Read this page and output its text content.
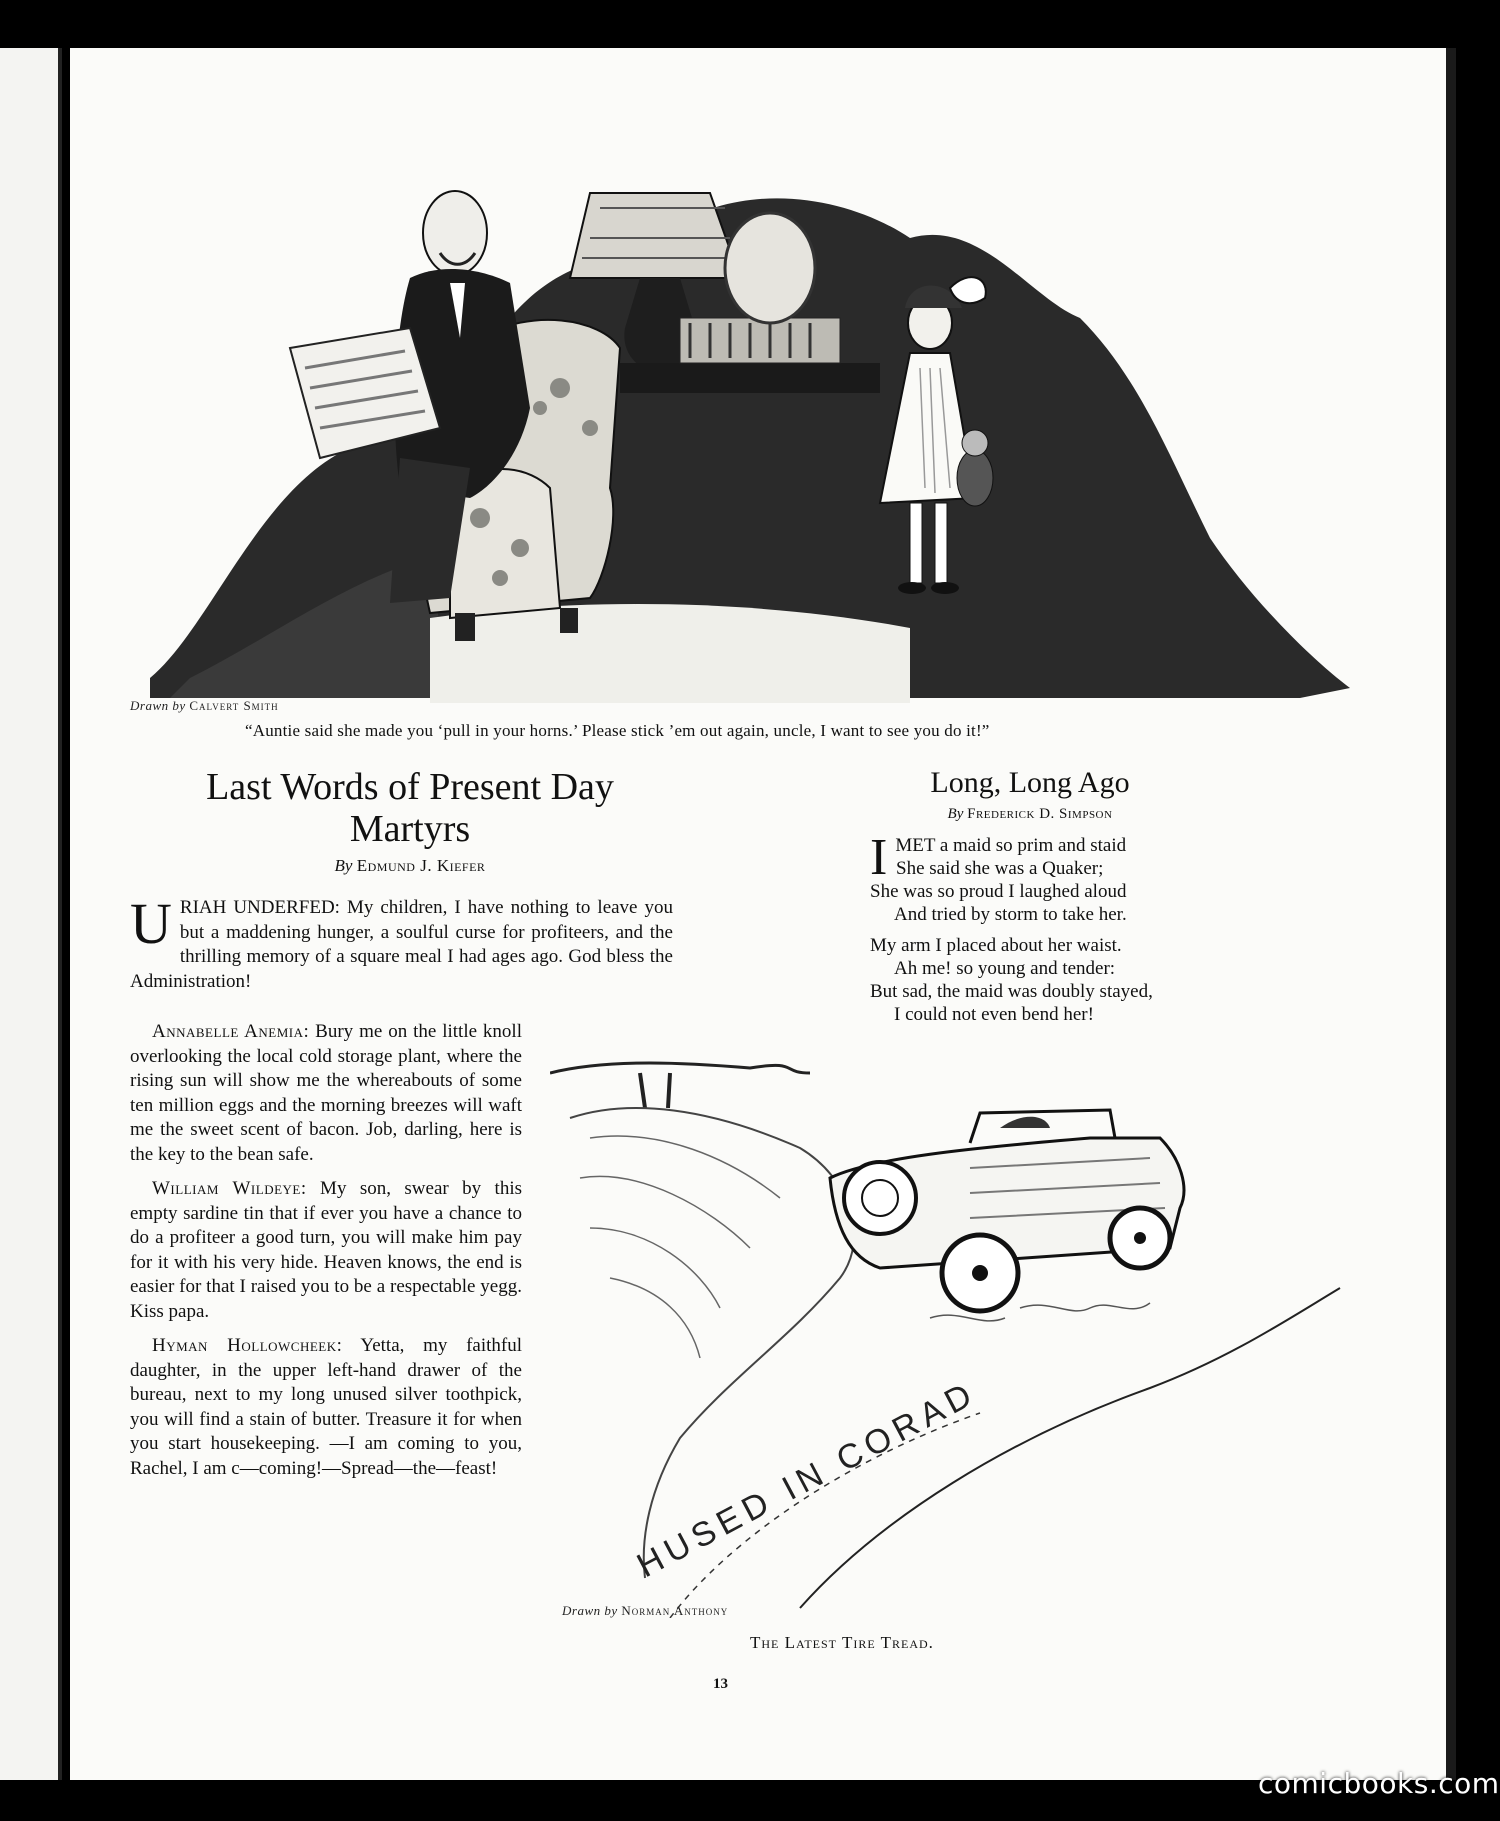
Drawn by Calvert Smith
“Auntie said she made you ‘pull in your horns.’ Please stick ’em out again, uncle, I want to see you do it!”
Last Words of Present Day
Martyrs
By Edmund J. Kiefer

URIAH UNDERFED: My children, I have nothing to leave you but a maddening hunger, a soulful curse for profiteers, and the thrilling memory of a square meal I had ages ago. God bless the Administration!

Annabelle Anemia: Bury me on the little knoll overlooking the local cold storage plant, where the rising sun will show me the whereabouts of some ten million eggs and the morning breezes will waft me the sweet scent of bacon. Job, darling, here is the key to the bean safe.

William Wildeye: My son, swear by this empty sardine tin that if ever you have a chance to do a profiteer a good turn, you will make him pay for it with his very hide. Heaven knows, the end is easier for that I raised you to be a respectable yegg. Kiss papa.

Hyman Hollowcheek: Yetta, my faithful daughter, in the upper left-hand drawer of the bureau, next to my long unused silver toothpick, you will find a stain of butter. Treasure it for when you start housekeeping. —I am coming to you, Rachel, I am c—coming!—Spread—the—feast!

Long, Long Ago
By Frederick D. Simpson
IMET a maid so prim and staid
She said she was a Quaker;
She was so proud I laughed aloud
And tried by storm to take her.
My arm I placed about her waist.
Ah me! so young and tender:
But sad, the maid was doubly stayed,
I could not even bend her!
HUSED IN CORAD
Drawn by Norman Anthony
The Latest Tire Tread.
13
comicbooks.com
